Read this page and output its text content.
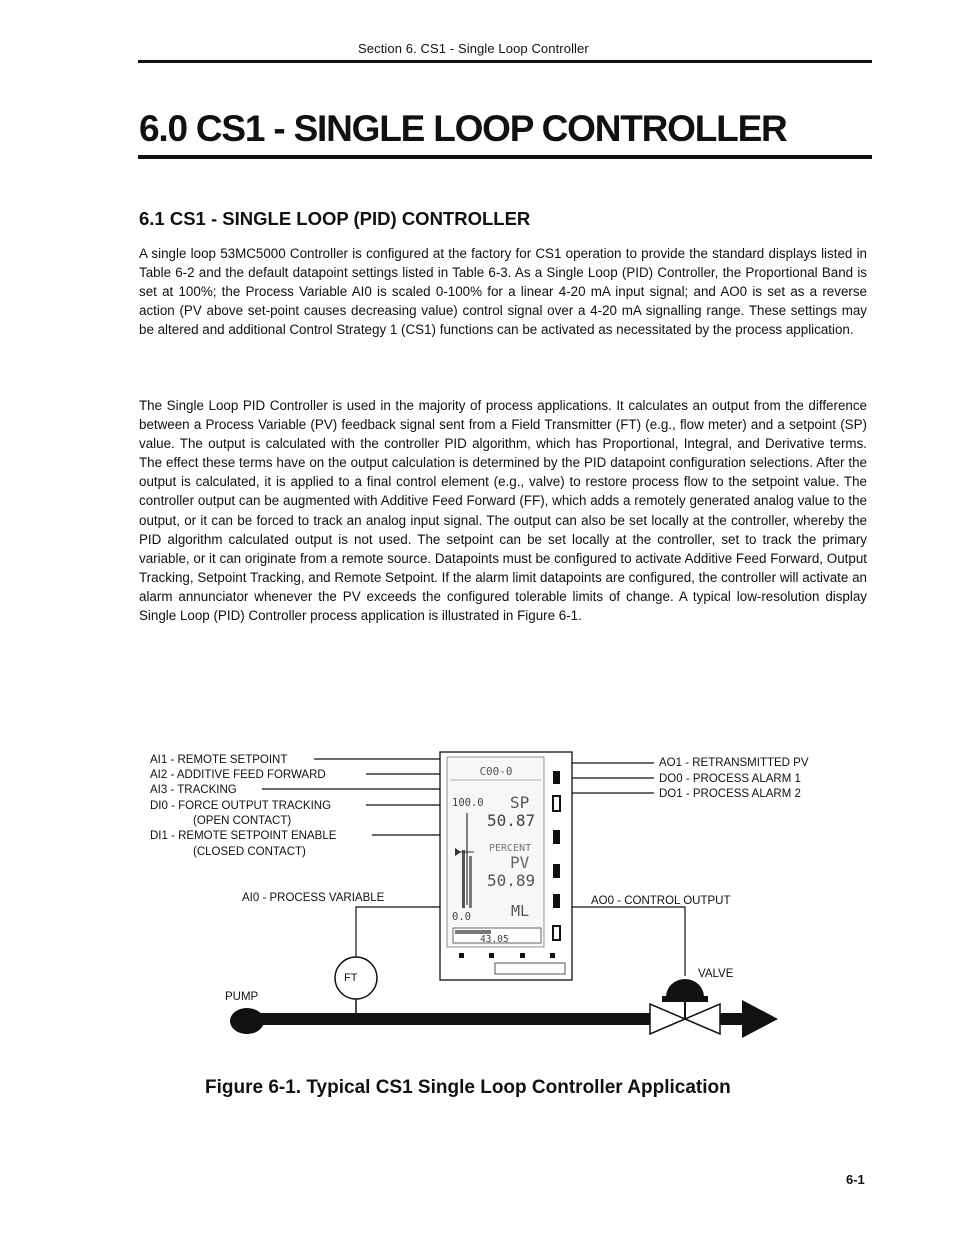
Section 6. CS1 - Single Loop Controller
6.0 CS1 - SINGLE LOOP CONTROLLER
6.1 CS1 - SINGLE LOOP (PID) CONTROLLER

A single loop 53MC5000 Controller is configured at the factory for CS1 operation to provide the standard displays listed in Table 6-2 and the default datapoint settings listed in Table 6-3. As a Single Loop (PID) Controller, the Proportional Band is set at 100%; the Process Variable AI0 is scaled 0-100% for a linear 4-20 mA input signal; and AO0 is set as a reverse action (PV above set-point causes decreasing value) control signal over a 4-20 mA signalling range. These settings may be altered and additional Control Strategy 1 (CS1) functions can be activated as necessitated by the process application.

The Single Loop PID Controller is used in the majority of process applications. It calculates an output from the difference between a Process Variable (PV) feedback signal sent from a Field Transmitter (FT) (e.g., flow meter) and a setpoint (SP) value. The output is calculated with the controller PID algorithm, which has Proportional, Integral, and Derivative terms. The effect these terms have on the output calculation is determined by the PID datapoint configuration selections. After the output is calculated, it is applied to a final control element (e.g., valve) to restore process flow to the setpoint value. The controller output can be augmented with Additive Feed Forward (FF), which adds a remotely generated analog value to the output, or it can be forced to track an analog input signal. The output can also be set locally at the controller, whereby the PID algorithm calculated output is not used. The setpoint can be set locally at the controller, set to track the primary variable, or it can originate from a remote source. Datapoints must be configured to activate Additive Feed Forward, Output Tracking, Setpoint Tracking, and Remote Setpoint. If the alarm limit datapoints are configured, the controller will activate an alarm annunciator whenever the PV exceeds the configured tolerable limits of change. A typical low-resolution display Single Loop (PID) Controller process application is illustrated in Figure 6-1.

AI1 - REMOTE SETPOINT
AI2 - ADDITIVE FEED FORWARD
AI3 - TRACKING
DI0 - FORCE OUTPUT TRACKING
(OPEN CONTACT)
DI1 - REMOTE SETPOINT ENABLE
(CLOSED CONTACT)
AO1 - RETRANSMITTED PV
DO0 - PROCESS ALARM 1
DO1 - PROCESS ALARM 2
C00-0
100.0 SP
50.87
PERCENT
PV
50.89
ML
0.0
43.05
AI0 - PROCESS VARIABLE	AO0 - CONTROL OUTPUT
FT
PUMP
VALVE
Figure 6-1. Typical CS1 Single Loop Controller Application
6-1
